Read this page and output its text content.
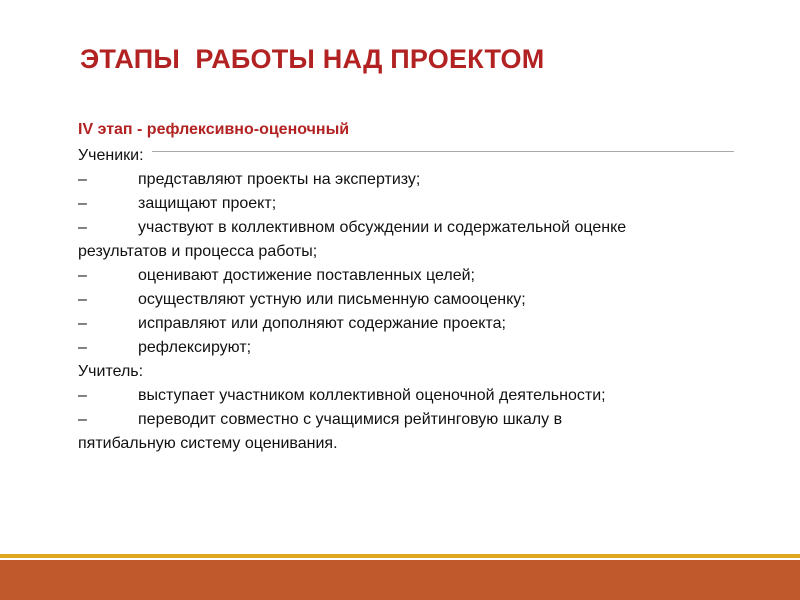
ЭТАПЫ  РАБОТЫ НАД ПРОЕКТОМ
IV этап - рефлексивно-оценочный

Ученики:

–	представляют проекты на экспертизу;

–	защищают проект;

–	участвуют в коллективном обсуждении и содержательной оценке

результатов и процесса работы;

–	оценивают достижение поставленных целей;

–	осуществляют устную или письменную самооценку;

–	исправляют или дополняют содержание проекта;

–	рефлексируют;

Учитель:

–	выступает участником коллективной оценочной деятельности;

–	переводит совместно с учащимися рейтинговую шкалу в

пятибальную систему оценивания.
